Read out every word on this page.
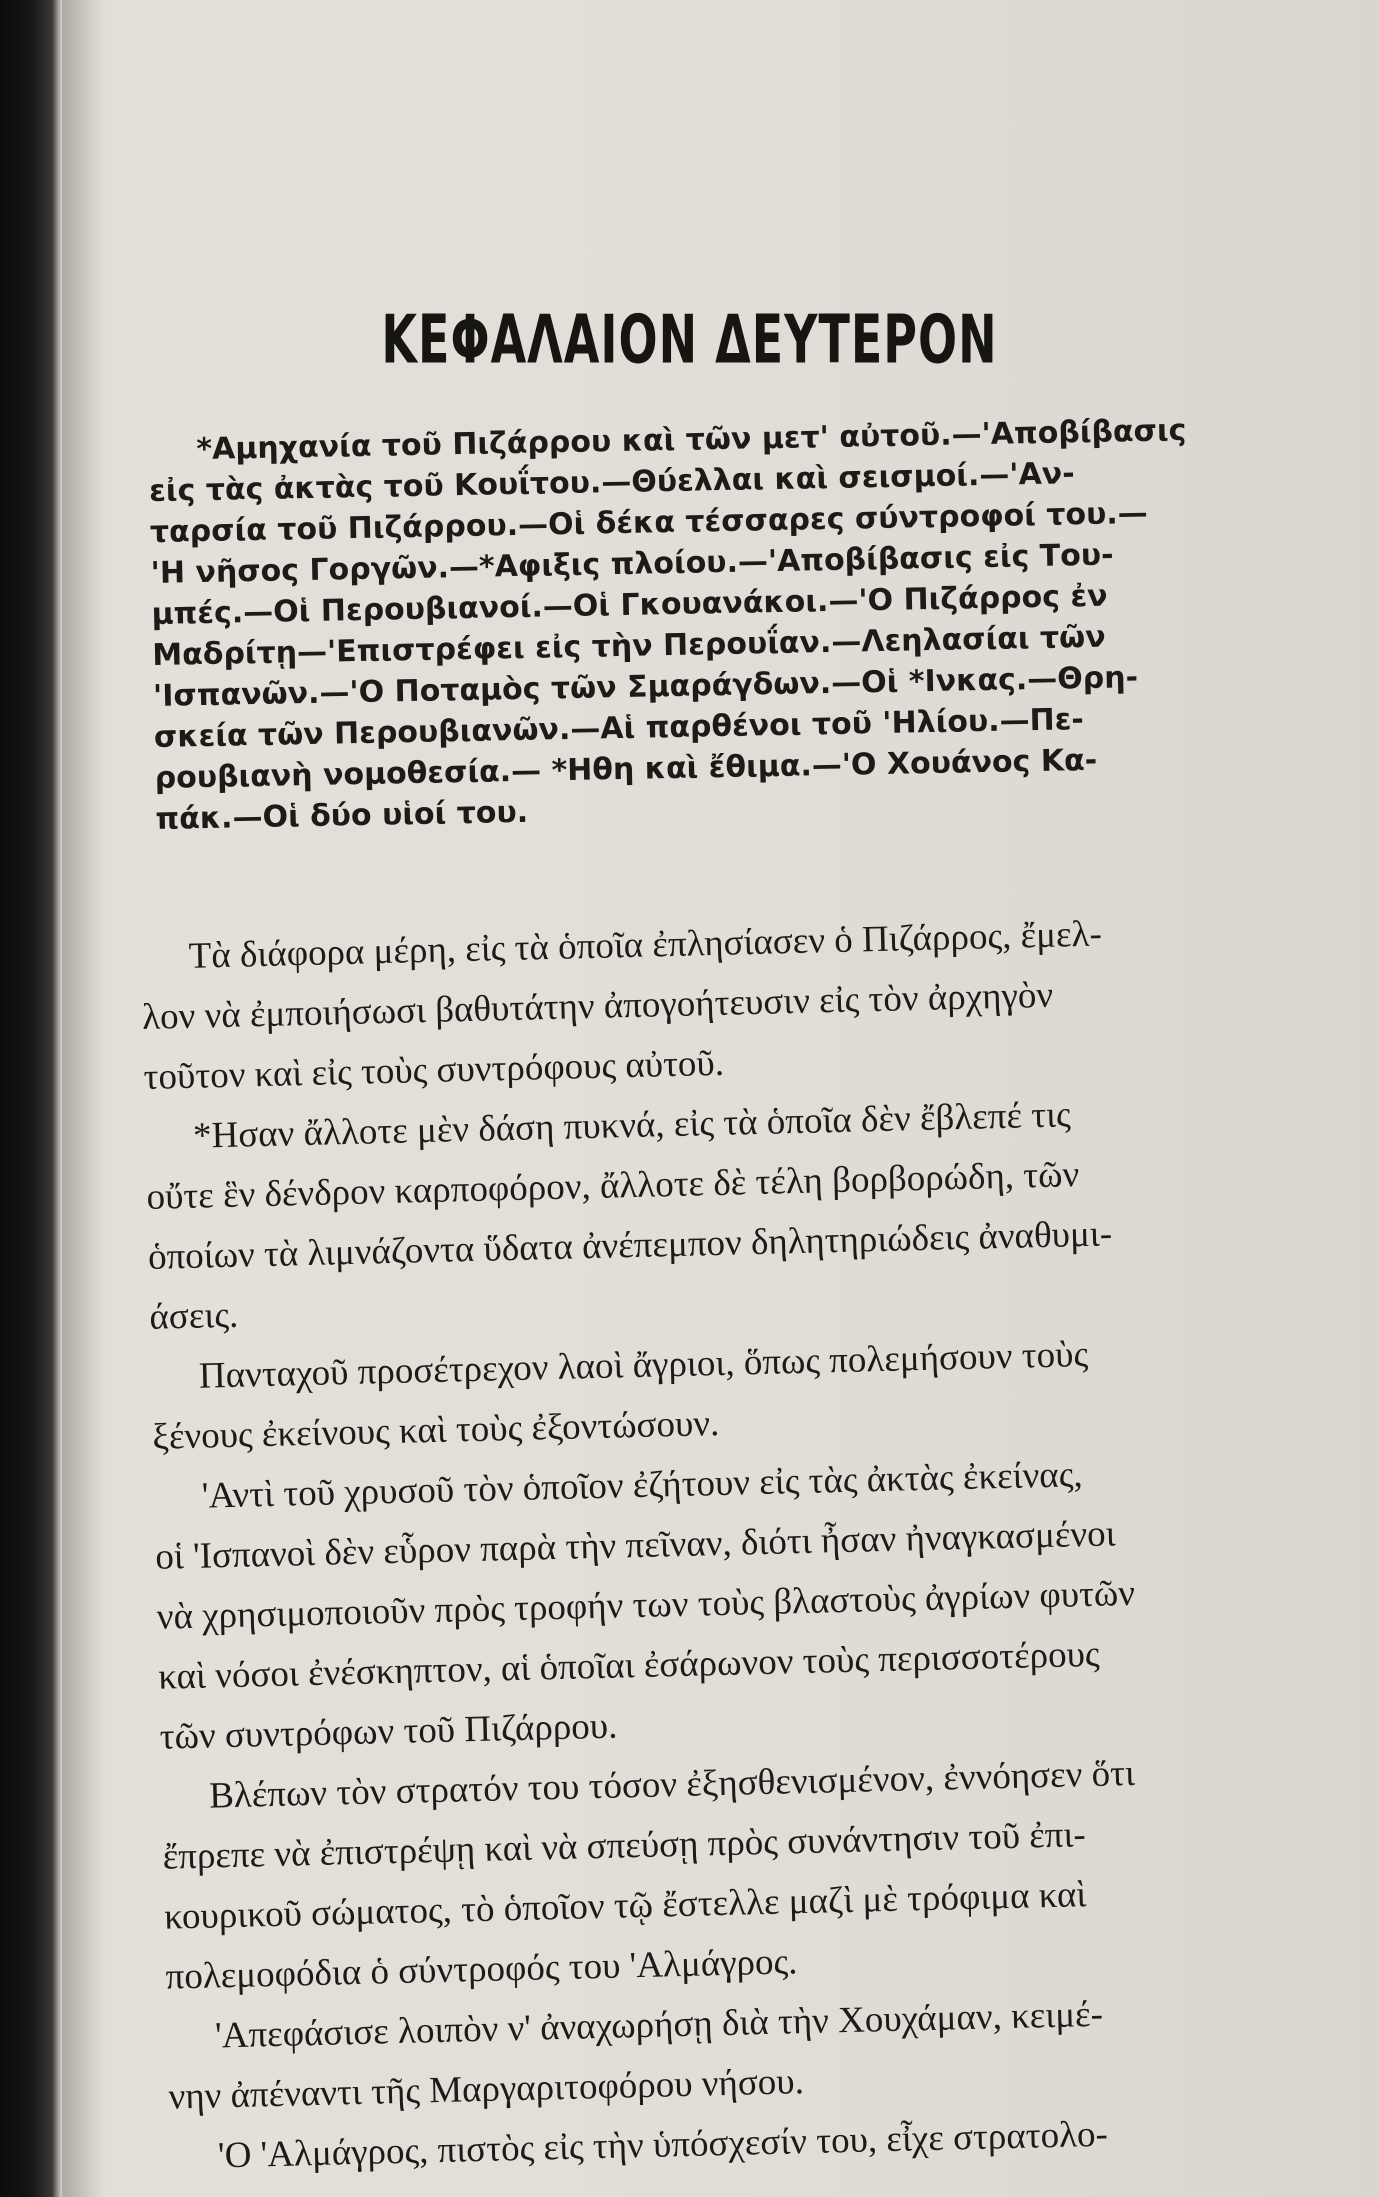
ΚΕΦΑΛΑΙΟΝ ΔΕΥΤΕΡΟΝ
*Αμηχανία τοῦ Πιζάρρου καὶ τῶν μετ' αὐτοῦ.—'Αποβίβασις
εἰς τὰς ἀκτὰς τοῦ Κουΐτου.—Θύελλαι καὶ σεισμοί.—'Αν-
ταρσία τοῦ Πιζάρρου.—Οἱ δέκα τέσσαρες σύντροφοί του.—
'Η νῆσος Γοργῶν.—*Αφιξις πλοίου.—'Αποβίβασις εἰς Του-
μπές.—Οἱ Περουβιανοί.—Οἱ Γκουανάκοι.—'Ο Πιζάρρος ἐν
Μαδρίτῃ—'Επιστρέφει εἰς τὴν Περουΐαν.—Λεηλασίαι τῶν
'Ισπανῶν.—'Ο Ποταμὸς τῶν Σμαράγδων.—Οἱ *Ινκας.—Θρη-
σκεία τῶν Περουβιανῶν.—Αἱ παρθένοι τοῦ 'Ηλίου.—Πε-
ρουβιανὴ νομοθεσία.— *Ηθη καὶ ἔθιμα.—'Ο Χουάνος Κα-
πάκ.—Οἱ δύο υἱοί του.
Τὰ διάφορα μέρη, εἰς τὰ ὁποῖα ἐπλησίασεν ὁ Πιζάρρος, ἔμελ-
λον νὰ ἐμποιήσωσι βαθυτάτην ἀπογοήτευσιν εἰς τὸν ἀρχηγὸν
τοῦτον καὶ εἰς τοὺς συντρόφους αὐτοῦ.
*Ησαν ἄλλοτε μὲν δάση πυκνά, εἰς τὰ ὁποῖα δὲν ἔβλεπέ τις
οὔτε ἓν δένδρον καρποφόρον, ἄλλοτε δὲ τέλη βορβορώδη, τῶν
ὁποίων τὰ λιμνάζοντα ὕδατα ἀνέπεμπον δηλητηριώδεις ἀναθυμι-
άσεις.
Πανταχοῦ προσέτρεχον λαοὶ ἄγριοι, ὅπως πολεμήσουν τοὺς
ξένους ἐκείνους καὶ τοὺς ἐξοντώσουν.
'Αντὶ τοῦ χρυσοῦ τὸν ὁποῖον ἐζήτουν εἰς τὰς ἀκτὰς ἐκείνας,
οἱ 'Ισπανοὶ δὲν εὗρον παρὰ τὴν πεῖναν, διότι ἦσαν ἠναγκασμένοι
νὰ χρησιμοποιοῦν πρὸς τροφήν των τοὺς βλαστοὺς ἀγρίων φυτῶν
καὶ νόσοι ἐνέσκηπτον, αἱ ὁποῖαι ἐσάρωνον τοὺς περισσοτέρους
τῶν συντρόφων τοῦ Πιζάρρου.
Βλέπων τὸν στρατόν του τόσον ἐξησθενισμένον, ἐννόησεν ὅτι
ἔπρεπε νὰ ἐπιστρέψῃ καὶ νὰ σπεύσῃ πρὸς συνάντησιν τοῦ ἐπι-
κουρικοῦ σώματος, τὸ ὁποῖον τῷ ἔστελλε μαζὶ μὲ τρόφιμα καὶ
πολεμοφόδια ὁ σύντροφός του 'Αλμάγρος.
'Απεφάσισε λοιπὸν ν' ἀναχωρήσῃ διὰ τὴν Χουχάμαν, κειμέ-
νην ἀπέναντι τῆς Μαργαριτοφόρου νήσου.
'Ο 'Αλμάγρος, πιστὸς εἰς τὴν ὑπόσχεσίν του, εἶχε στρατολο-
